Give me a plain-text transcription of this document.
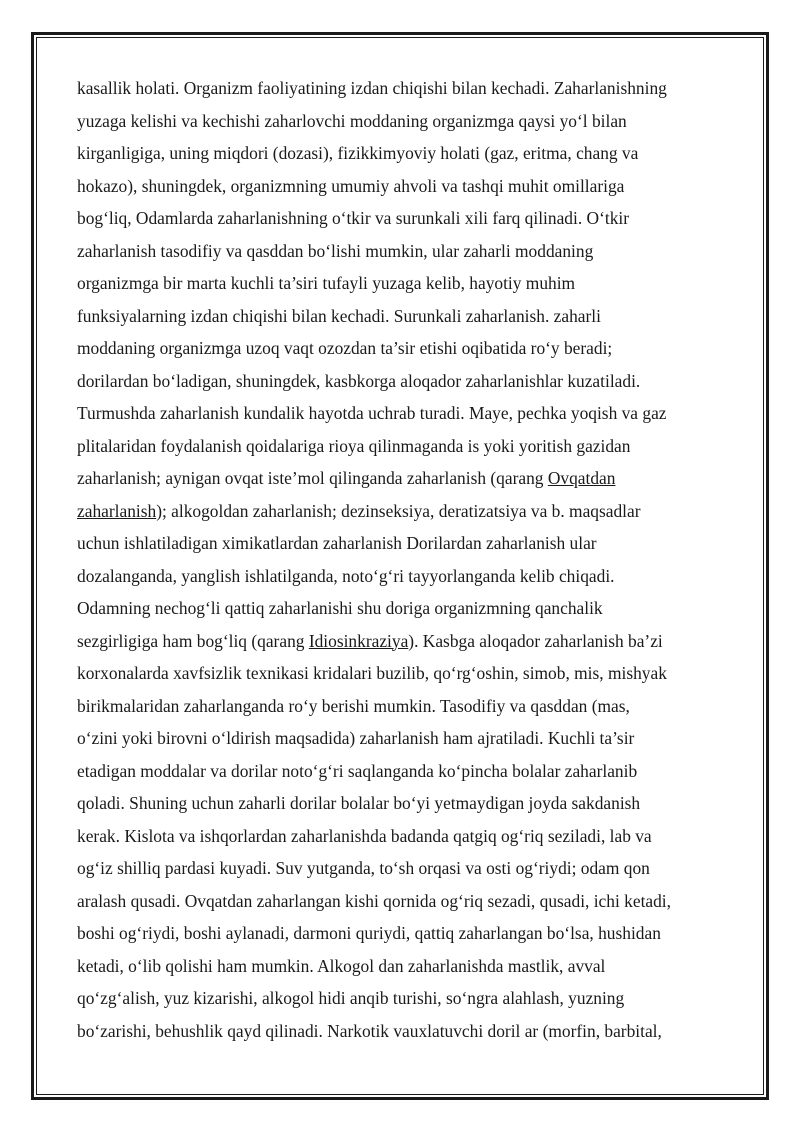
kasallik holati. Organizm faoliyatining izdan chiqishi bilan kechadi. Zaharlanishning
yuzaga kelishi va kechishi zaharlovchi moddaning organizmga qaysi yo‘l bilan
kirganligiga, uning miqdori (dozasi), fizikkimyoviy holati (gaz, eritma, chang va
hokazo), shuningdek, organizmning umumiy ahvoli va tashqi muhit omillariga
bog‘liq, Odamlarda zaharlanishning o‘tkir va surunkali xili farq qilinadi. O‘tkir
zaharlanish tasodifiy va qasddan bo‘lishi mumkin, ular zaharli moddaning
organizmga bir marta kuchli ta’siri tufayli yuzaga kelib, hayotiy muhim
funksiyalarning izdan chiqishi bilan kechadi. Surunkali zaharlanish. zaharli
moddaning organizmga uzoq vaqt ozozdan ta’sir etishi oqibatida ro‘y beradi;
dorilardan bo‘ladigan, shuningdek, kasbkorga aloqador zaharlanishlar kuzatiladi.
Turmushda zaharlanish kundalik hayotda uchrab turadi. Maye, pechka yoqish va gaz
plitalaridan foydalanish qoidalariga rioya qilinmaganda is yoki yoritish gazidan
zaharlanish; aynigan ovqat iste’mol qilinganda zaharlanish (qarang Ovqatdan
zaharlanish); alkogoldan zaharlanish; dezinseksiya, deratizatsiya va b. maqsadlar
uchun ishlatiladigan ximikatlardan zaharlanish Dorilardan zaharlanish ular
dozalanganda, yanglish ishlatilganda, noto‘g‘ri tayyorlanganda kelib chiqadi.
Odamning nechog‘li qattiq zaharlanishi shu doriga organizmning qanchalik
sezgirligiga ham bog‘liq (qarang Idiosinkraziya). Kasbga aloqador zaharlanish ba’zi
korxonalarda xavfsizlik texnikasi kridalari buzilib, qo‘rg‘oshin, simob, mis, mishyak
birikmalaridan zaharlanganda ro‘y berishi mumkin. Tasodifiy va qasddan (mas,
o‘zini yoki birovni o‘ldirish maqsadida) zaharlanish ham ajratiladi. Kuchli ta’sir
etadigan moddalar va dorilar noto‘g‘ri saqlanganda ko‘pincha bolalar zaharlanib
qoladi. Shuning uchun zaharli dorilar bolalar bo‘yi yetmaydigan joyda sakdanish
kerak. Kislota va ishqorlardan zaharlanishda badanda qatgiq og‘riq seziladi, lab va
og‘iz shilliq pardasi kuyadi. Suv yutganda, to‘sh orqasi va osti og‘riydi; odam qon
aralash qusadi. Ovqatdan zaharlangan kishi qornida og‘riq sezadi, qusadi, ichi ketadi,
boshi og‘riydi, boshi aylanadi, darmoni quriydi, qattiq zaharlangan bo‘lsa, hushidan
ketadi, o‘lib qolishi ham mumkin. Alkogol dan zaharlanishda mastlik, avval
qo‘zg‘alish, yuz kizarishi, alkogol hidi anqib turishi, so‘ngra alahlash, yuzning
bo‘zarishi, behushlik qayd qilinadi. Narkotik vauxlatuvchi doril ar (morfin, barbital,
